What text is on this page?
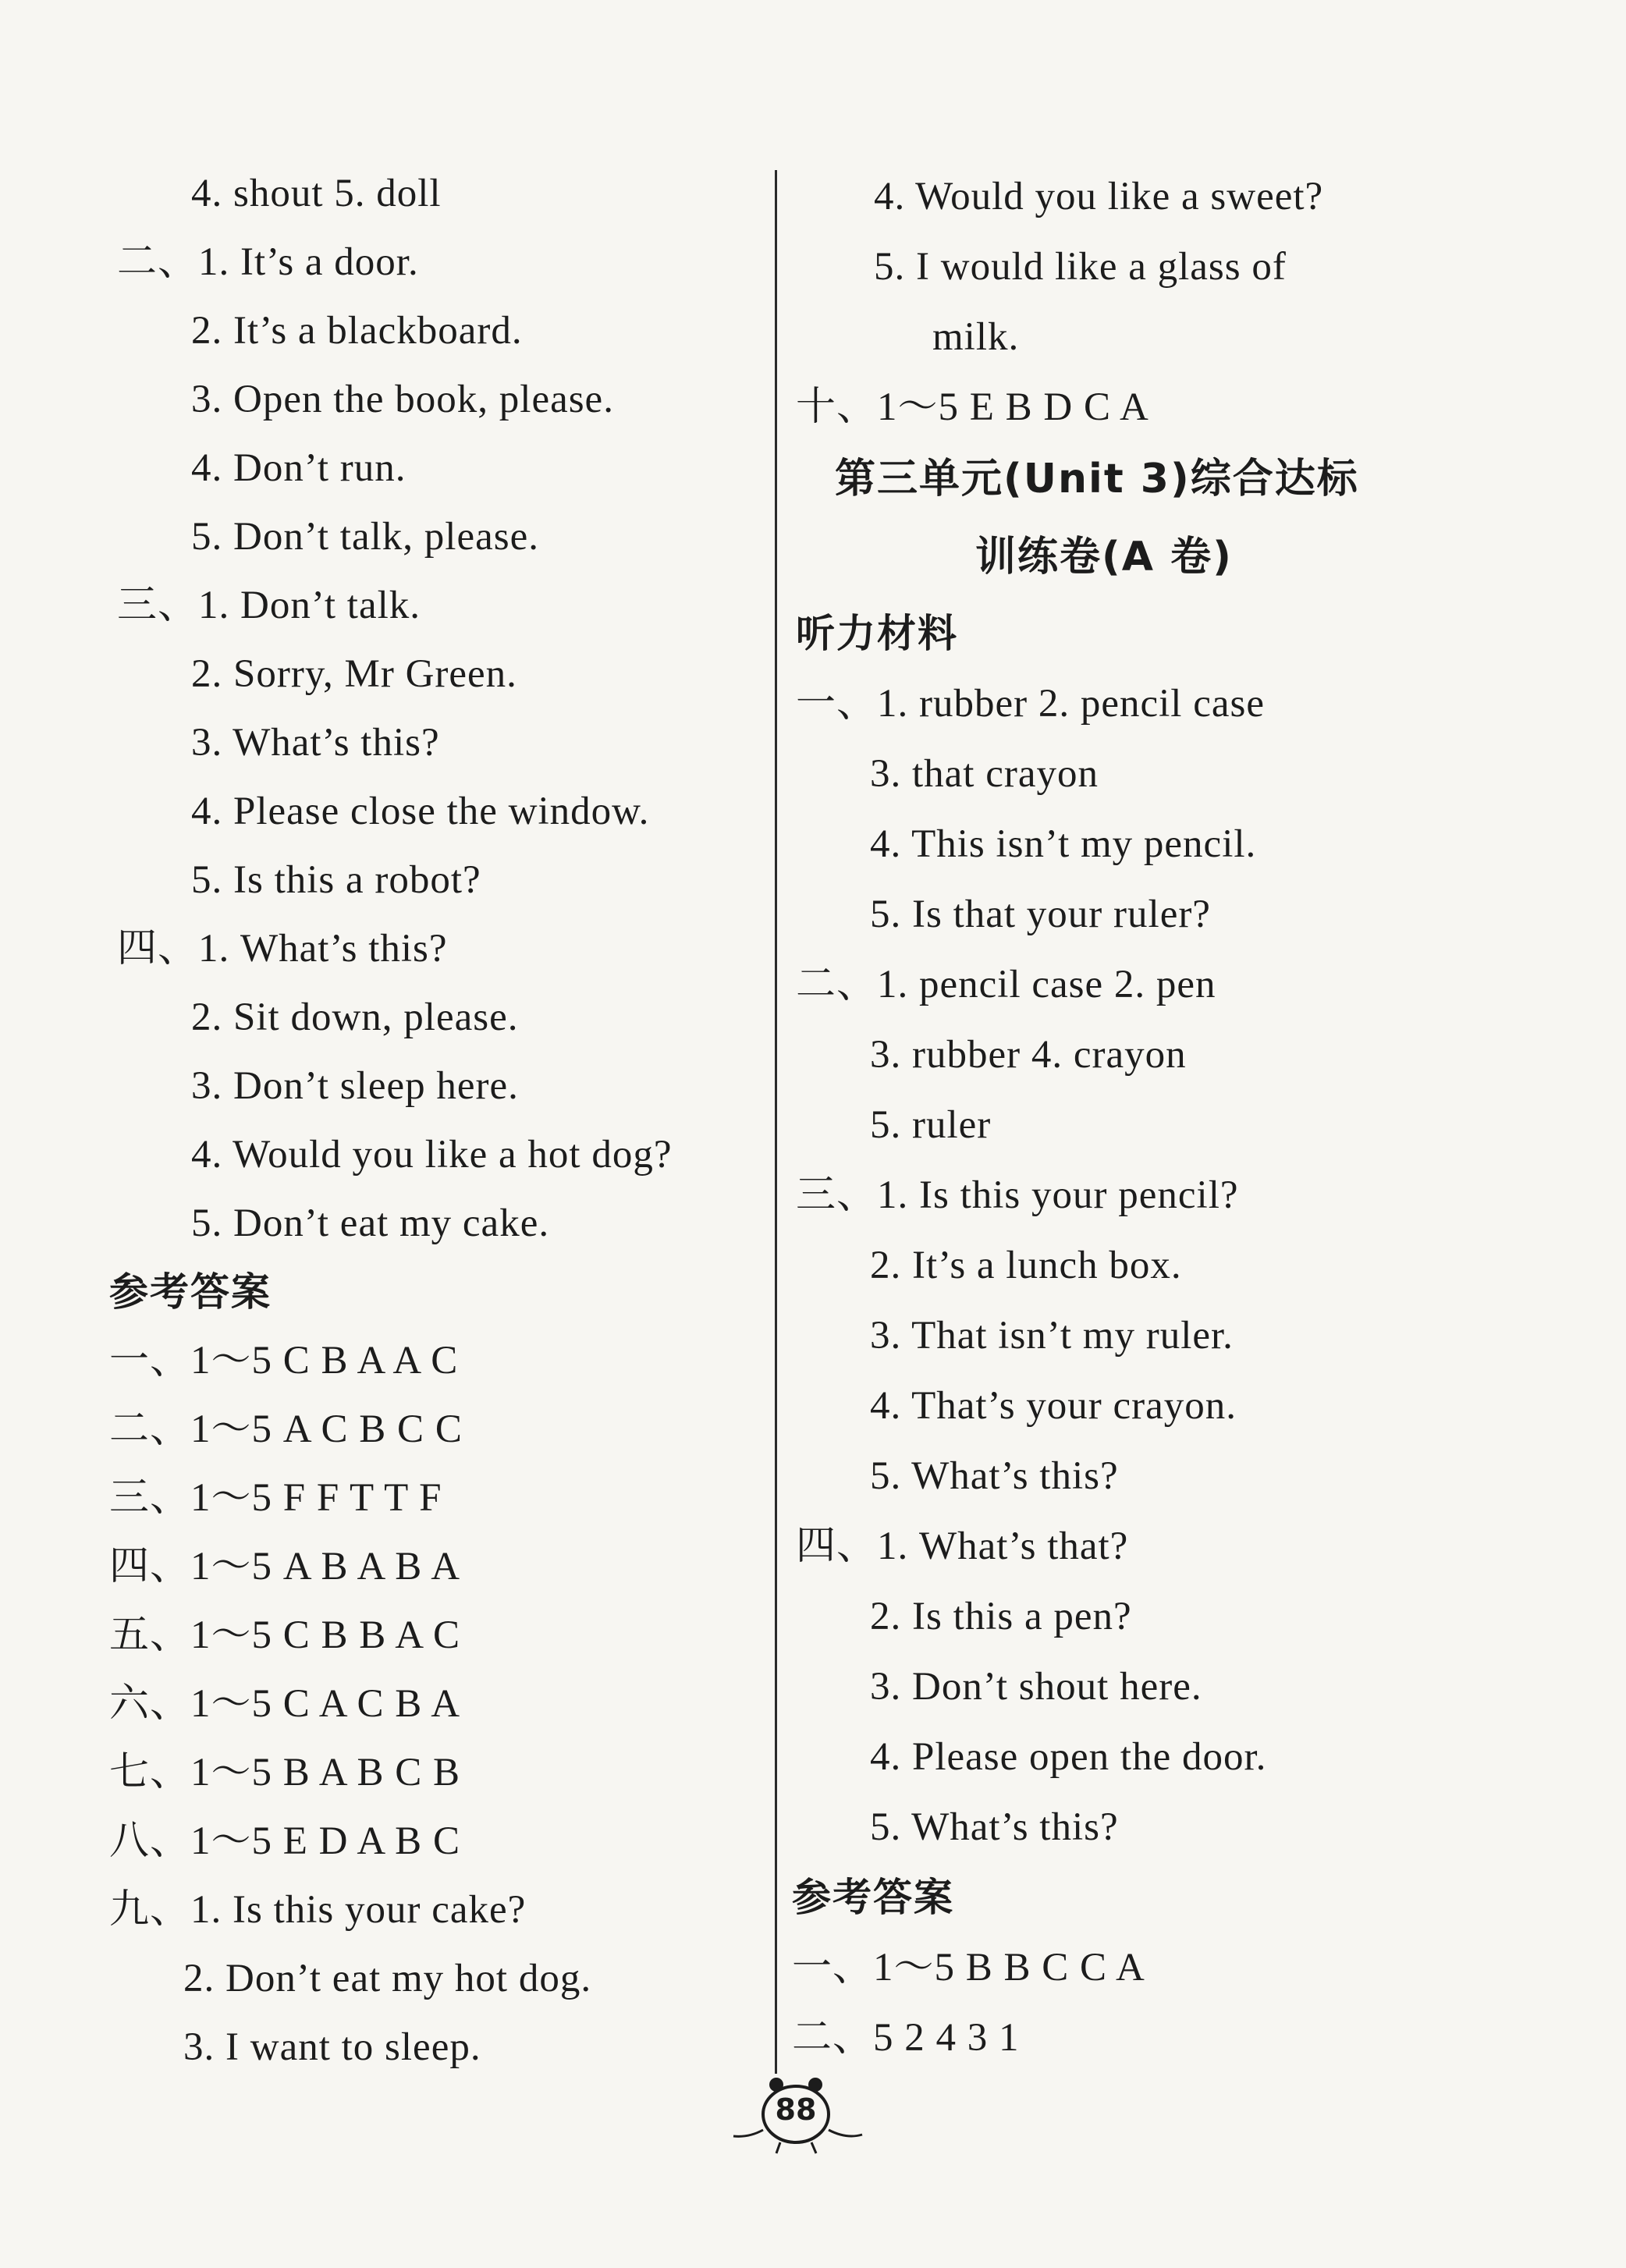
4. shout 5. doll
二、1. It’s a door.
2. It’s a blackboard.
3. Open the book, please.
4. Don’t run.
5. Don’t talk, please.
三、1. Don’t talk.
2. Sorry, Mr Green.
3. What’s this?
4. Please close the window.
5. Is this a robot?
四、1. What’s this?
2. Sit down, please.
3. Don’t sleep here.
4. Would you like a hot dog?
5. Don’t eat my cake.
参考答案
一、1～5 C B A A C
二、1～5 A C B C C
三、1～5 F F T T F
四、1～5 A B A B A
五、1～5 C B B A C
六、1～5 C A C B A
七、1～5 B A B C B
八、1～5 E D A B C
九、1. Is this your cake?
2. Don’t eat my hot dog.
3. I want to sleep.
4. Would you like a sweet?
5. I would like a glass of
milk.
十、1～5 E B D C A
第三单元(Unit 3)综合达标
训练卷(A 卷)
听力材料
一、1. rubber 2. pencil case
3. that crayon
4. This isn’t my pencil.
5. Is that your ruler?
二、1. pencil case 2. pen
3. rubber 4. crayon
5. ruler
三、1. Is this your pencil?
2. It’s a lunch box.
3. That isn’t my ruler.
4. That’s your crayon.
5. What’s this?
四、1. What’s that?
2. Is this a pen?
3. Don’t shout here.
4. Please open the door.
5. What’s this?
参考答案
一、1～5 B B C C A
二、5 2 4 3 1
88
